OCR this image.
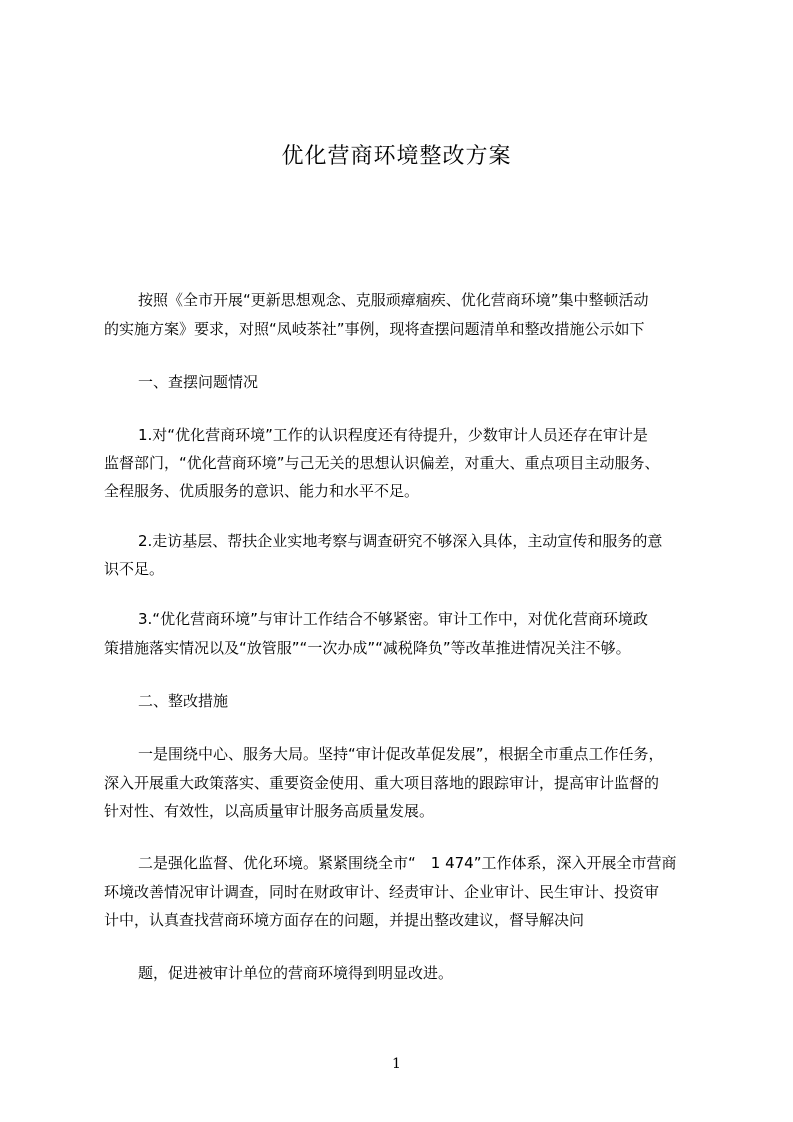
优化营商环境整改方案

按照《全市开展“更新思想观念、克服顽瘴痼疾、优化营商环境”集中整顿活动

的实施方案》要求，对照“凤岐茶社”事例，现将查摆问题清单和整改措施公示如下

一、查摆问题情况

1.对“优化营商环境”工作的认识程度还有待提升，少数审计人员还存在审计是

监督部门，“优化营商环境”与己无关的思想认识偏差，对重大、重点项目主动服务、

全程服务、优质服务的意识、能力和水平不足。

2.走访基层、帮扶企业实地考察与调查研究不够深入具体，主动宣传和服务的意

识不足。

3.“优化营商环境”与审计工作结合不够紧密。审计工作中，对优化营商环境政

策措施落实情况以及“放管服”“一次办成”“减税降负”等改革推进情况关注不够。

二、整改措施

一是围绕中心、服务大局。坚持“审计促改革促发展”，根据全市重点工作任务，

深入开展重大政策落实、重要资金使用、重大项目落地的跟踪审计，提高审计监督的

针对性、有效性，以高质量审计服务高质量发展。

二是强化监督、优化环境。紧紧围绕全市“　1 474”工作体系，深入开展全市营商

环境改善情况审计调查，同时在财政审计、经责审计、企业审计、民生审计、投资审

计中，认真查找营商环境方面存在的问题，并提出整改建议，督导解决问

题，促进被审计单位的营商环境得到明显改进。

1
